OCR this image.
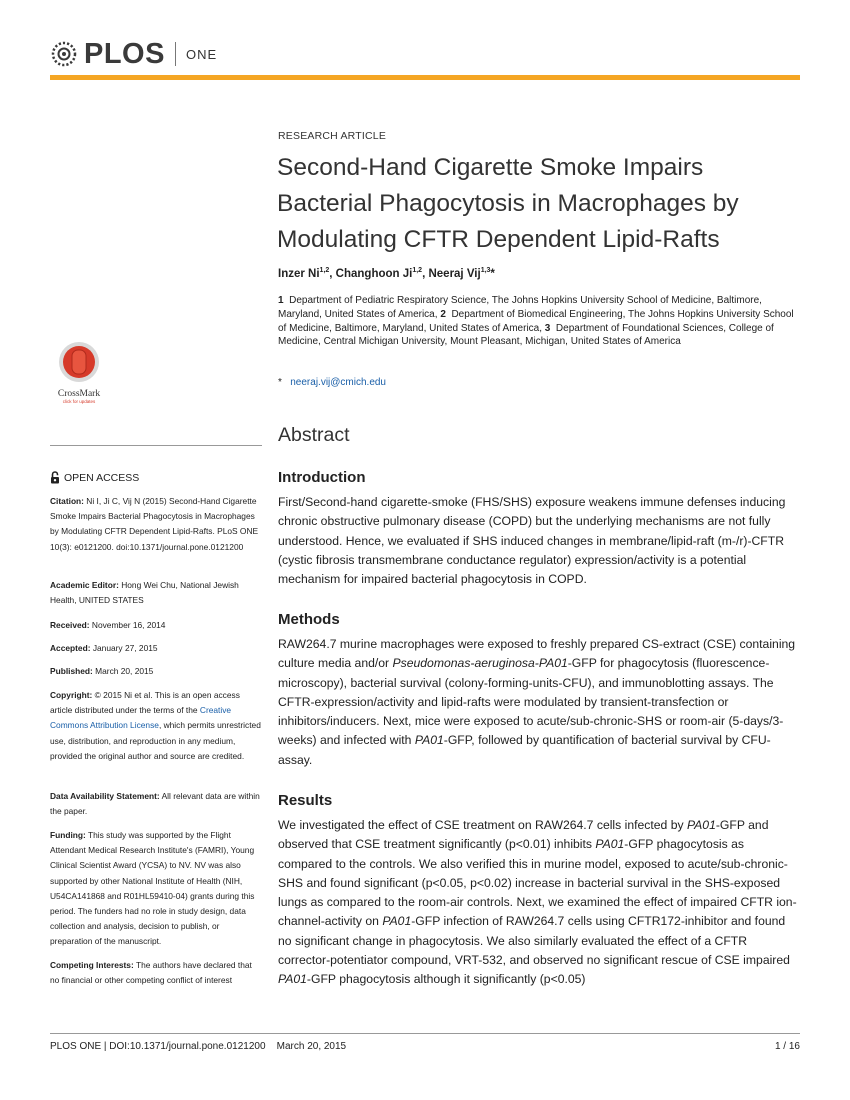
PLOS ONE
RESEARCH ARTICLE
Second-Hand Cigarette Smoke Impairs Bacterial Phagocytosis in Macrophages by Modulating CFTR Dependent Lipid-Rafts
Inzer Ni$^{1,2}$, Changhoon Ji$^{1,2}$, Neeraj Vij$^{1,3}$*
1 Department of Pediatric Respiratory Science, The Johns Hopkins University School of Medicine, Baltimore, Maryland, United States of America, 2 Department of Biomedical Engineering, The Johns Hopkins University School of Medicine, Baltimore, Maryland, United States of America, 3 Department of Foundational Sciences, College of Medicine, Central Michigan University, Mount Pleasant, Michigan, United States of America
* neeraj.vij@cmich.edu
Abstract
Introduction

First/Second-hand cigarette-smoke (FHS/SHS) exposure weakens immune defenses inducing chronic obstructive pulmonary disease (COPD) but the underlying mechanisms are not fully understood. Hence, we evaluated if SHS induced changes in membrane/lipid-raft (m-/r)-CFTR (cystic fibrosis transmembrane conductance regulator) expression/activity is a potential mechanism for impaired bacterial phagocytosis in COPD.

Methods

RAW264.7 murine macrophages were exposed to freshly prepared CS-extract (CSE) containing culture media and/or Pseudomonas-aeruginosa-PA01-GFP for phagocytosis (fluorescence-microscopy), bacterial survival (colony-forming-units-CFU), and immunoblotting assays. The CFTR-expression/activity and lipid-rafts were modulated by transient-transfection or inhibitors/inducers. Next, mice were exposed to acute/sub-chronic-SHS or room-air (5-days/3-weeks) and infected with PA01-GFP, followed by quantification of bacterial survival by CFU-assay.

Results

We investigated the effect of CSE treatment on RAW264.7 cells infected by PA01-GFP and observed that CSE treatment significantly (p<0.01) inhibits PA01-GFP phagocytosis as compared to the controls. We also verified this in murine model, exposed to acute/sub-chronic-SHS and found significant (p<0.05, p<0.02) increase in bacterial survival in the SHS-exposed lungs as compared to the room-air controls. Next, we examined the effect of impaired CFTR ion-channel-activity on PA01-GFP infection of RAW264.7 cells using CFTR172-inhibitor and found no significant change in phagocytosis. We also similarly evaluated the effect of a CFTR corrector-potentiator compound, VRT-532, and observed no significant rescue of CSE impaired PA01-GFP phagocytosis although it significantly (p<0.05)

CrossMark
click for updates
OPEN ACCESS

Citation: Ni I, Ji C, Vij N (2015) Second-Hand Cigarette Smoke Impairs Bacterial Phagocytosis in Macrophages by Modulating CFTR Dependent Lipid-Rafts. PLoS ONE 10(3): e0121200. doi:10.1371/journal.pone.0121200

Academic Editor: Hong Wei Chu, National Jewish Health, UNITED STATES

Received: November 16, 2014

Accepted: January 27, 2015

Published: March 20, 2015

Copyright: © 2015 Ni et al. This is an open access article distributed under the terms of the Creative Commons Attribution License, which permits unrestricted use, distribution, and reproduction in any medium, provided the original author and source are credited.

Data Availability Statement: All relevant data are within the paper.

Funding: This study was supported by the Flight Attendant Medical Research Institute's (FAMRI), Young Clinical Scientist Award (YCSA) to NV. NV was also supported by other National Institute of Health (NIH, U54CA141868 and R01HL59410-04) grants during this period. The funders had no role in study design, data collection and analysis, decision to publish, or preparation of the manuscript.

Competing Interests: The authors have declared that no financial or other competing conflict of interest

PLOS ONE | DOI:10.1371/journal.pone.0121200    March 20, 2015	1 / 16
